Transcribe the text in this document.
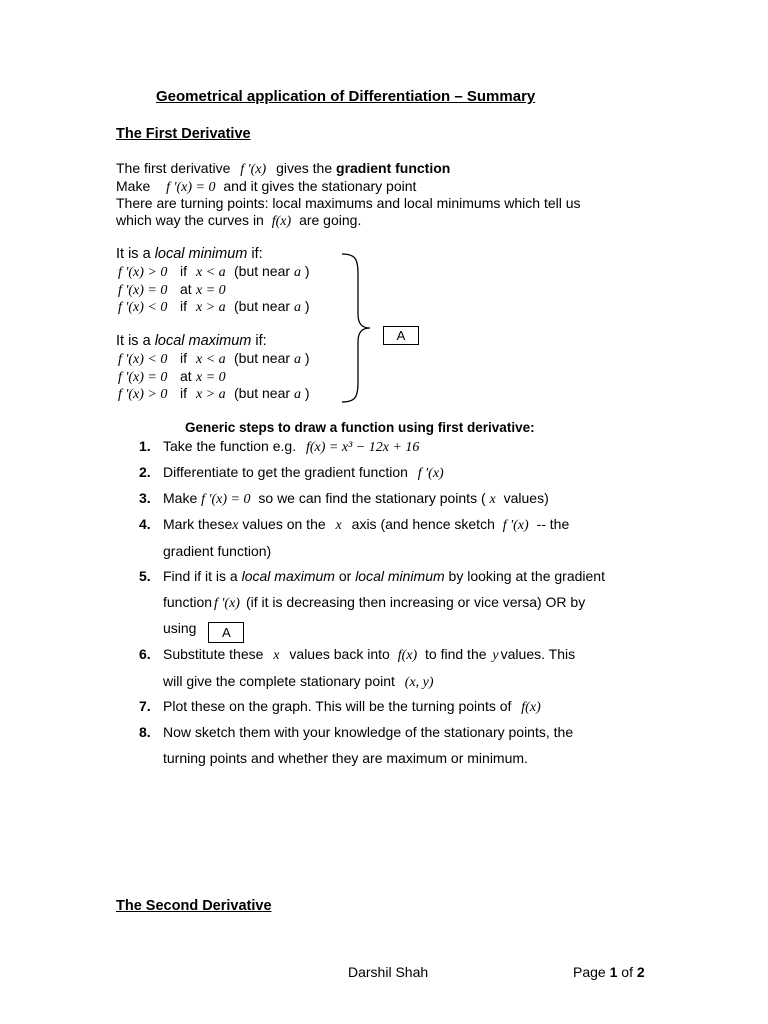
Geometrical application of Differentiation – Summary
The First Derivative
The first derivative f '(x) gives the gradient function
Make f '(x) = 0 and it gives the stationary point
There are turning points: local maximums and local minimums which tell us
which way the curves in f(x) are going.
It is a local minimum if:
f '(x) > 0 if x < a (but near a )
f '(x) = 0 at x = 0
f '(x) < 0 if x > a (but near a )
It is a local maximum if:
f '(x) < 0 if x < a (but near a )
f '(x) = 0 at x = 0
f '(x) > 0 if x > a (but near a )
A
Generic steps to draw a function using first derivative:
1. Take the function e.g. f(x) = x³ − 12x + 16
2. Differentiate to get the gradient function f '(x)
3. Make f '(x) = 0 so we can find the stationary points ( x values)
4. Mark thesex values on the x axis (and hence sketch f '(x) -- the
gradient function)
5. Find if it is a local maximum or local minimum by looking at the gradient
function f '(x) (if it is decreasing then increasing or vice versa) OR by
using A
6. Substitute these x values back into f(x) to find the y values. This
will give the complete stationary point (x, y)
7. Plot these on the graph. This will be the turning points of f(x)
8. Now sketch them with your knowledge of the stationary points, the
turning points and whether they are maximum or minimum.
The Second Derivative
Darshil Shah	Page 1 of 2
